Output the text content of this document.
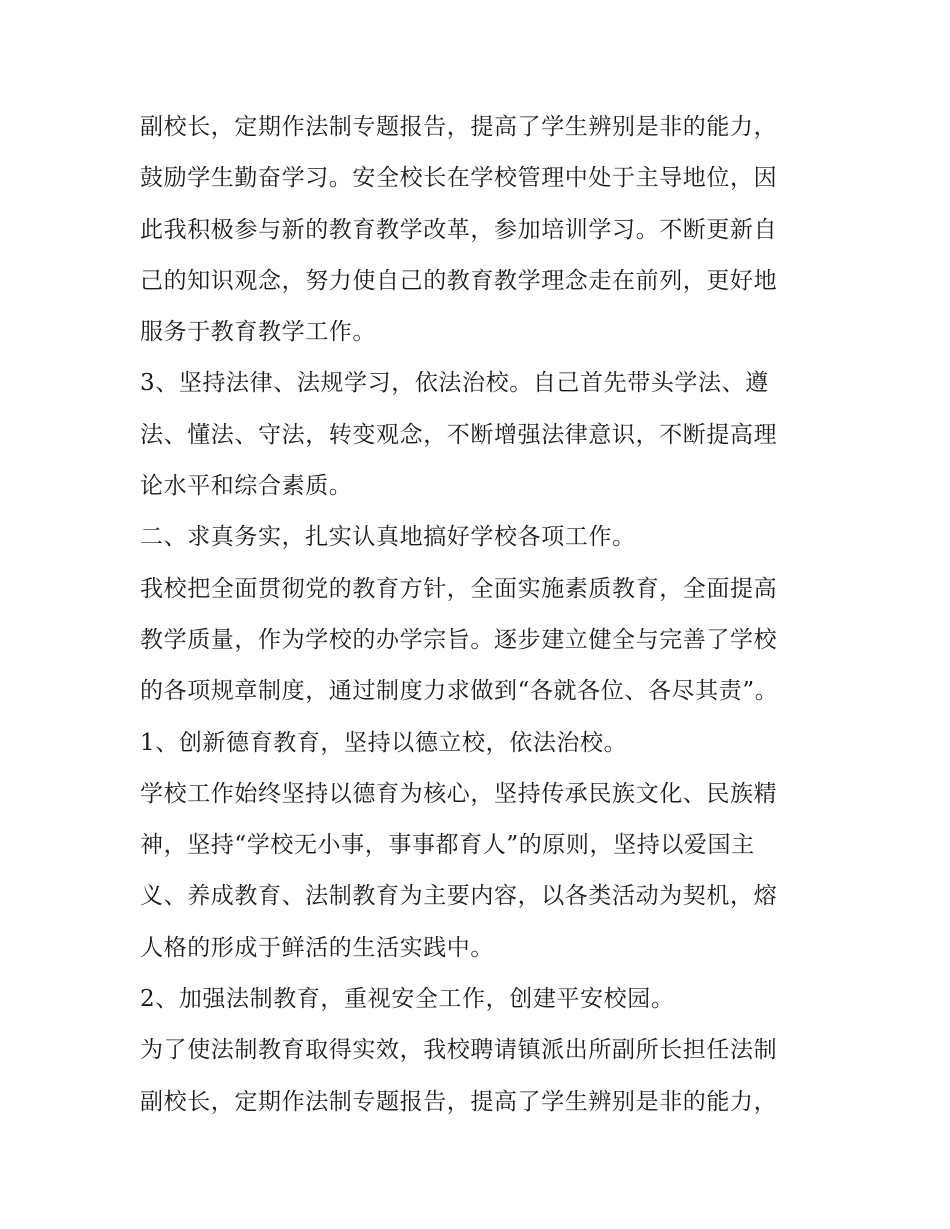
副校长，定期作法制专题报告，提高了学生辨别是非的能力，
鼓励学生勤奋学习。安全校长在学校管理中处于主导地位，因
此我积极参与新的教育教学改革，参加培训学习。不断更新自
己的知识观念，努力使自己的教育教学理念走在前列，更好地
服务于教育教学工作。
3、坚持法律、法规学习，依法治校。自己首先带头学法、遵
法、懂法、守法，转变观念，不断增强法律意识，不断提高理
论水平和综合素质。
二、求真务实，扎实认真地搞好学校各项工作。
我校把全面贯彻党的教育方针，全面实施素质教育，全面提高
教学质量，作为学校的办学宗旨。逐步建立健全与完善了学校
的各项规章制度，通过制度力求做到“各就各位、各尽其责”。
1、创新德育教育，坚持以德立校，依法治校。
学校工作始终坚持以德育为核心，坚持传承民族文化、民族精
神，坚持“学校无小事，事事都育人”的原则，坚持以爱国主
义、养成教育、法制教育为主要内容，以各类活动为契机，熔
人格的形成于鲜活的生活实践中。
2、加强法制教育，重视安全工作，创建平安校园。
为了使法制教育取得实效，我校聘请镇派出所副所长担任法制
副校长，定期作法制专题报告，提高了学生辨别是非的能力，
